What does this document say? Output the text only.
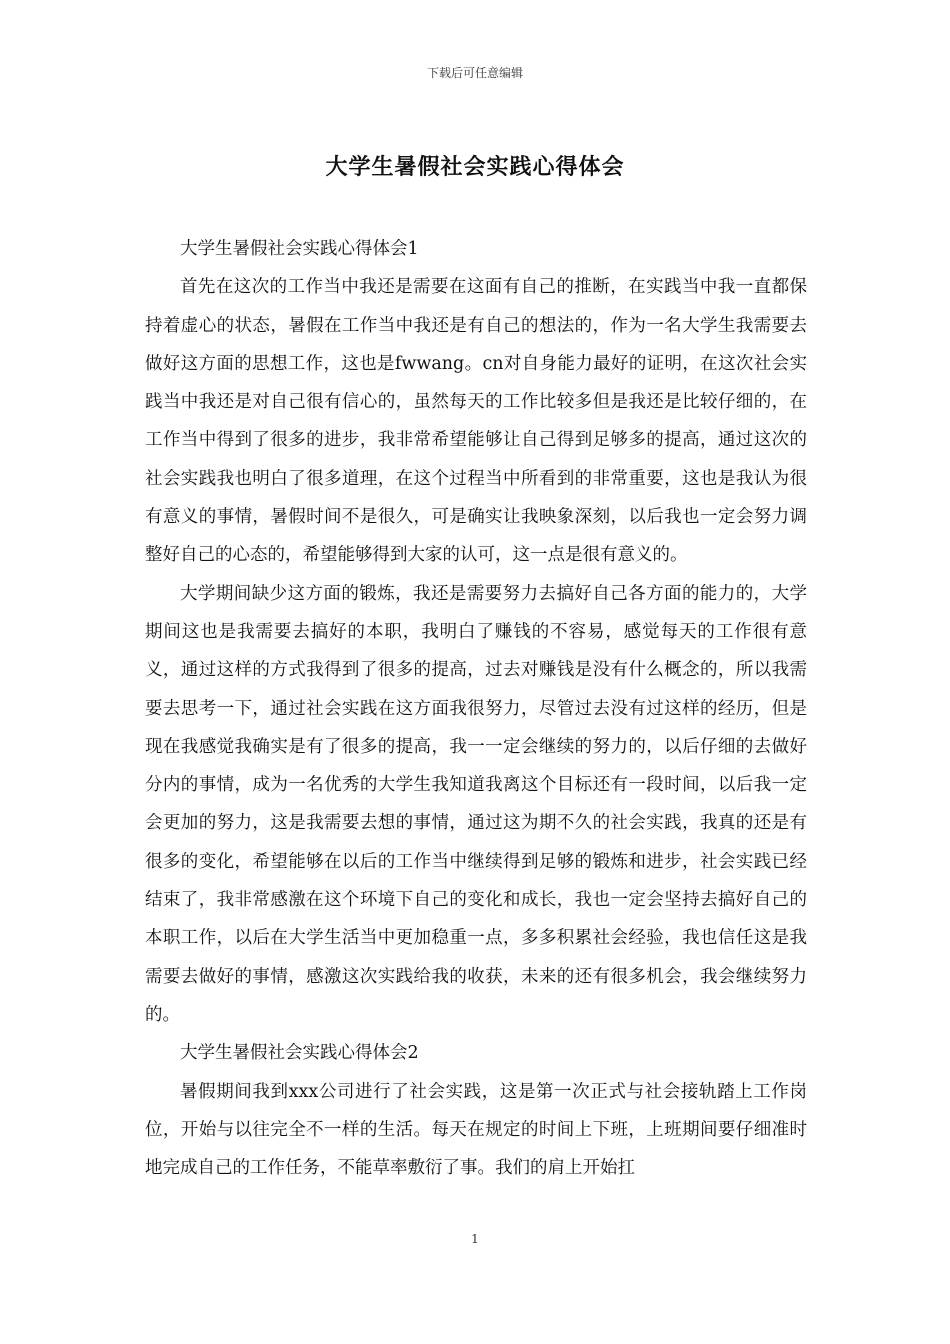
下载后可任意编辑
大学生暑假社会实践心得体会

大学生暑假社会实践心得体会1

首先在这次的工作当中我还是需要在这面有自己的推断，在实践当中我一直都保持着虚心的状态，暑假在工作当中我还是有自己的想法的，作为一名大学生我需要去做好这方面的思想工作，这也是fwwang。cn对自身能力最好的证明，在这次社会实践当中我还是对自己很有信心的，虽然每天的工作比较多但是我还是比较仔细的，在工作当中得到了很多的进步，我非常希望能够让自己得到足够多的提高，通过这次的社会实践我也明白了很多道理，在这个过程当中所看到的非常重要，这也是我认为很有意义的事情，暑假时间不是很久，可是确实让我映象深刻，以后我也一定会努力调整好自己的心态的，希望能够得到大家的认可，这一点是很有意义的。

大学期间缺少这方面的锻炼，我还是需要努力去搞好自己各方面的能力的，大学期间这也是我需要去搞好的本职，我明白了赚钱的不容易，感觉每天的工作很有意义，通过这样的方式我得到了很多的提高，过去对赚钱是没有什么概念的，所以我需要去思考一下，通过社会实践在这方面我很努力，尽管过去没有过这样的经历，但是现在我感觉我确实是有了很多的提高，我一一定会继续的努力的，以后仔细的去做好分内的事情，成为一名优秀的大学生我知道我离这个目标还有一段时间，以后我一定会更加的努力，这是我需要去想的事情，通过这为期不久的社会实践，我真的还是有很多的变化，希望能够在以后的工作当中继续得到足够的锻炼和进步，社会实践已经结束了，我非常感激在这个环境下自己的变化和成长，我也一定会坚持去搞好自己的本职工作，以后在大学生活当中更加稳重一点，多多积累社会经验，我也信任这是我需要去做好的事情，感激这次实践给我的收获，未来的还有很多机会，我会继续努力的。

大学生暑假社会实践心得体会2

暑假期间我到xxx公司进行了社会实践，这是第一次正式与社会接轨踏上工作岗位，开始与以往完全不一样的生活。每天在规定的时间上下班，上班期间要仔细准时地完成自己的工作任务，不能草率敷衍了事。我们的肩上开始扛

1
